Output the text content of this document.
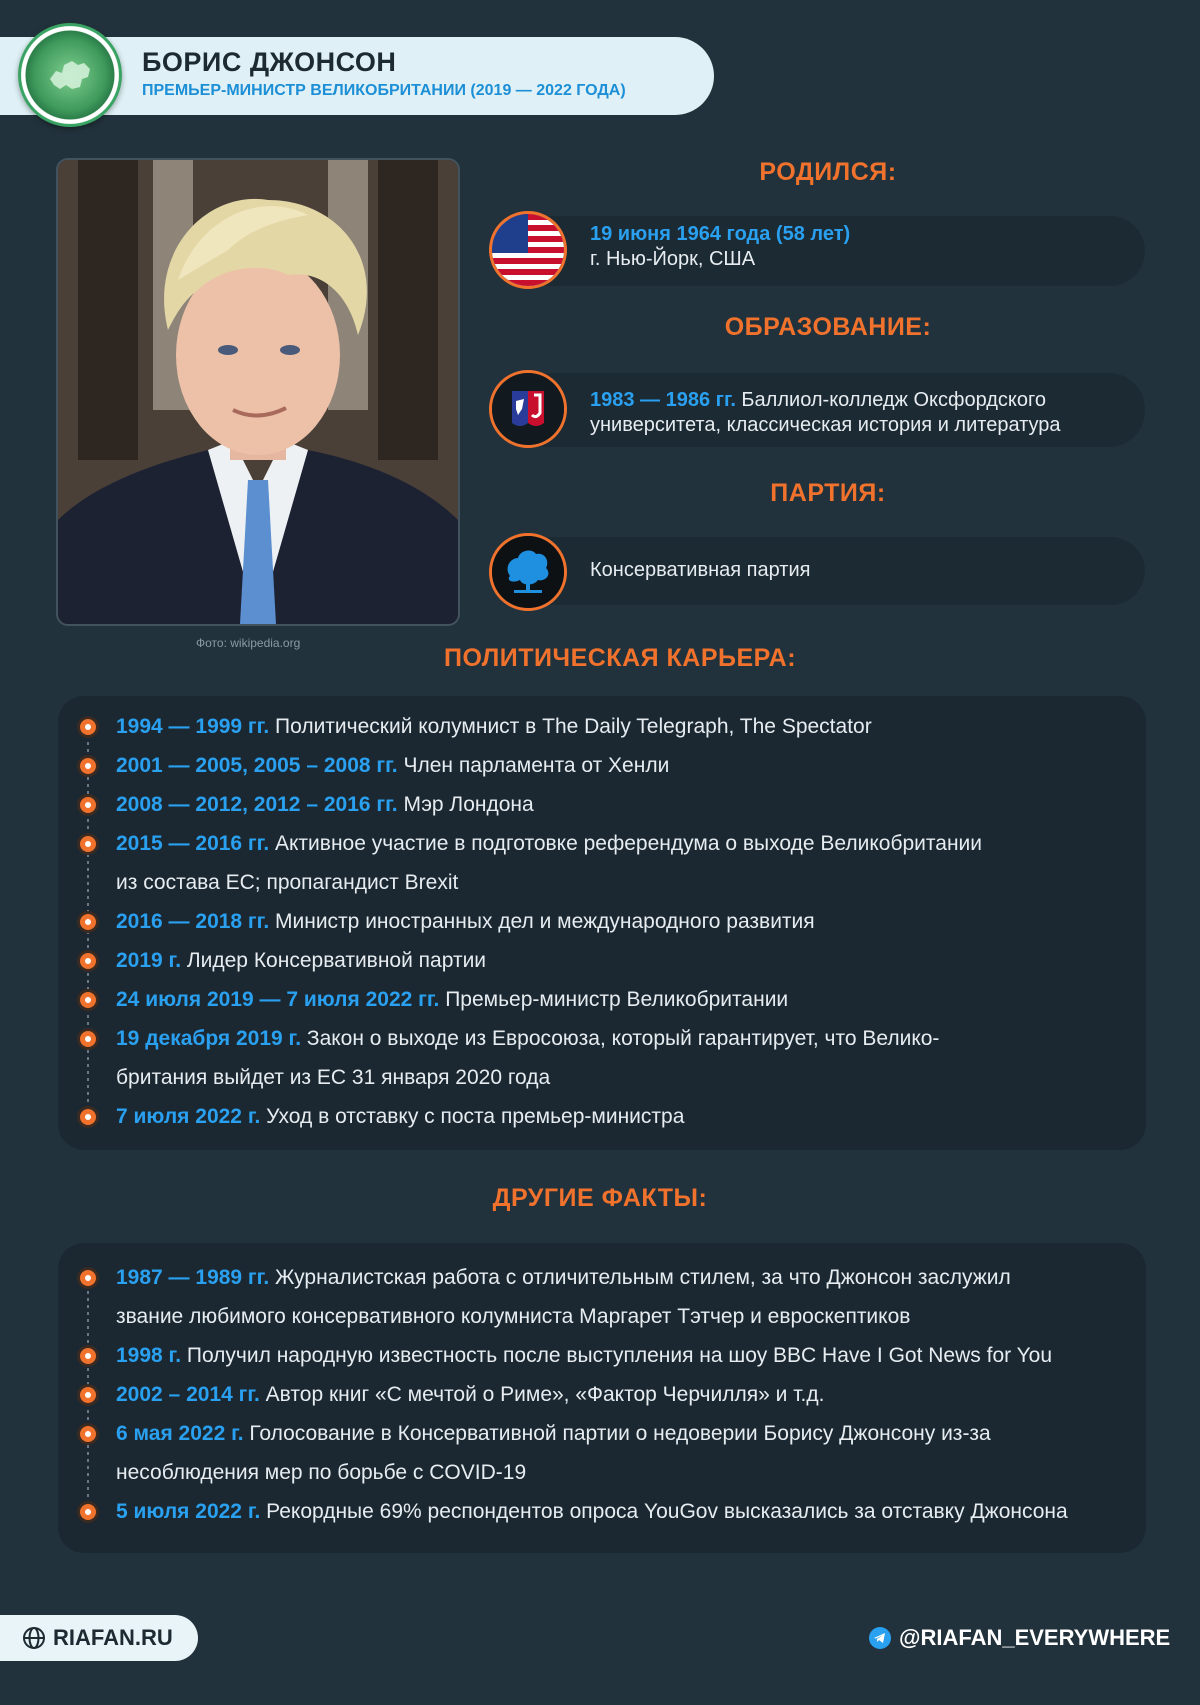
БОРИС ДЖОНСОН

ПРЕМЬЕР-МИНИСТР ВЕЛИКОБРИТАНИИ (2019 — 2022 ГОДА)

Фото: wikipedia.org
РОДИЛСЯ:
19 июня 1964 года (58 лет)
г. Нью-Йорк, США
ОБРАЗОВАНИЕ:
1983 — 1986 гг. Баллиол-колледж Оксфордского
университета, классическая история и литература
ПАРТИЯ:
Консервативная партия
ПОЛИТИЧЕСКАЯ КАРЬЕРА:
1994 — 1999 гг. Политический колумнист в The Daily Telegraph, The Spectator
2001 — 2005, 2005 – 2008 гг. Член парламента от Хенли
2008 — 2012, 2012 – 2016 гг. Мэр Лондона
2015 — 2016 гг. Активное участие в подготовке референдума о выходе Великобритании
из состава ЕС; пропагандист Brexit
2016 — 2018 гг. Министр иностранных дел и международного развития
2019 г. Лидер Консервативной партии
24 июля 2019 — 7 июля 2022 гг. Премьер-министр Великобритании
19 декабря 2019 г. Закон о выходе из Евросоюза, который гарантирует, что Велико-
британия выйдет из ЕС 31 января 2020 года
7 июля 2022 г. Уход в отставку с поста премьер-министра
ДРУГИЕ ФАКТЫ:
1987 — 1989 гг. Журналистская работа с отличительным стилем, за что Джонсон заслужил
звание любимого консервативного колумниста Маргарет Тэтчер и евроскептиков
1998 г. Получил народную известность после выступления на шоу BBC Have I Got News for You
2002 – 2014 гг. Автор книг «С мечтой о Риме», «Фактор Черчилля» и т.д.
6 мая 2022 г. Голосование в Консервативной партии о недоверии Борису Джонсону из-за
несоблюдения мер по борьбе с COVID-19
5 июля 2022 г. Рекордные 69% респондентов опроса YouGov высказались за отставку Джонсона
RIAFAN.RU	@RIAFAN_EVERYWHERE
